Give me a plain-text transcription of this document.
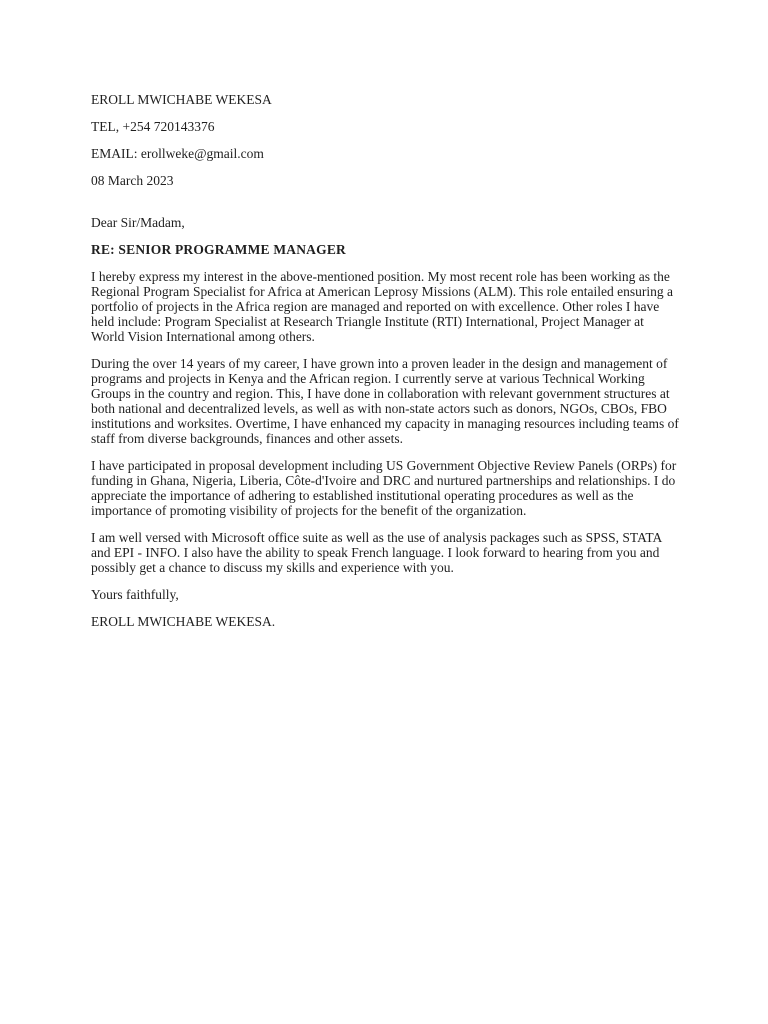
EROLL MWICHABE WEKESA

TEL, +254 720143376

EMAIL: erollweke@gmail.com

08 March 2023

Dear Sir/Madam,

RE: SENIOR PROGRAMME MANAGER

I hereby express my interest in the above-mentioned position. My most recent role has been working as the Regional Program Specialist for Africa at American Leprosy Missions (ALM). This role entailed ensuring a portfolio of projects in the Africa region are managed and reported on with excellence. Other roles I have held include: Program Specialist at Research Triangle Institute (RTI) International, Project Manager at World Vision International among others.

During the over 14 years of my career, I have grown into a proven leader in the design and management of programs and projects in Kenya and the African region. I currently serve at various Technical Working Groups in the country and region. This, I have done in collaboration with relevant government structures at both national and decentralized levels, as well as with non-state actors such as donors, NGOs, CBOs, FBO institutions and worksites. Overtime, I have enhanced my capacity in managing resources including teams of staff from diverse backgrounds, finances and other assets.

I have participated in proposal development including US Government Objective Review Panels (ORPs) for funding in Ghana, Nigeria, Liberia, Côte-d'Ivoire and DRC and nurtured partnerships and relationships. I do appreciate the importance of adhering to established institutional operating procedures as well as the importance of promoting visibility of projects for the benefit of the organization.

I am well versed with Microsoft office suite as well as the use of analysis packages such as SPSS, STATA and EPI - INFO. I also have the ability to speak French language. I look forward to hearing from you and possibly get a chance to discuss my skills and experience with you.

Yours faithfully,

EROLL MWICHABE WEKESA.
